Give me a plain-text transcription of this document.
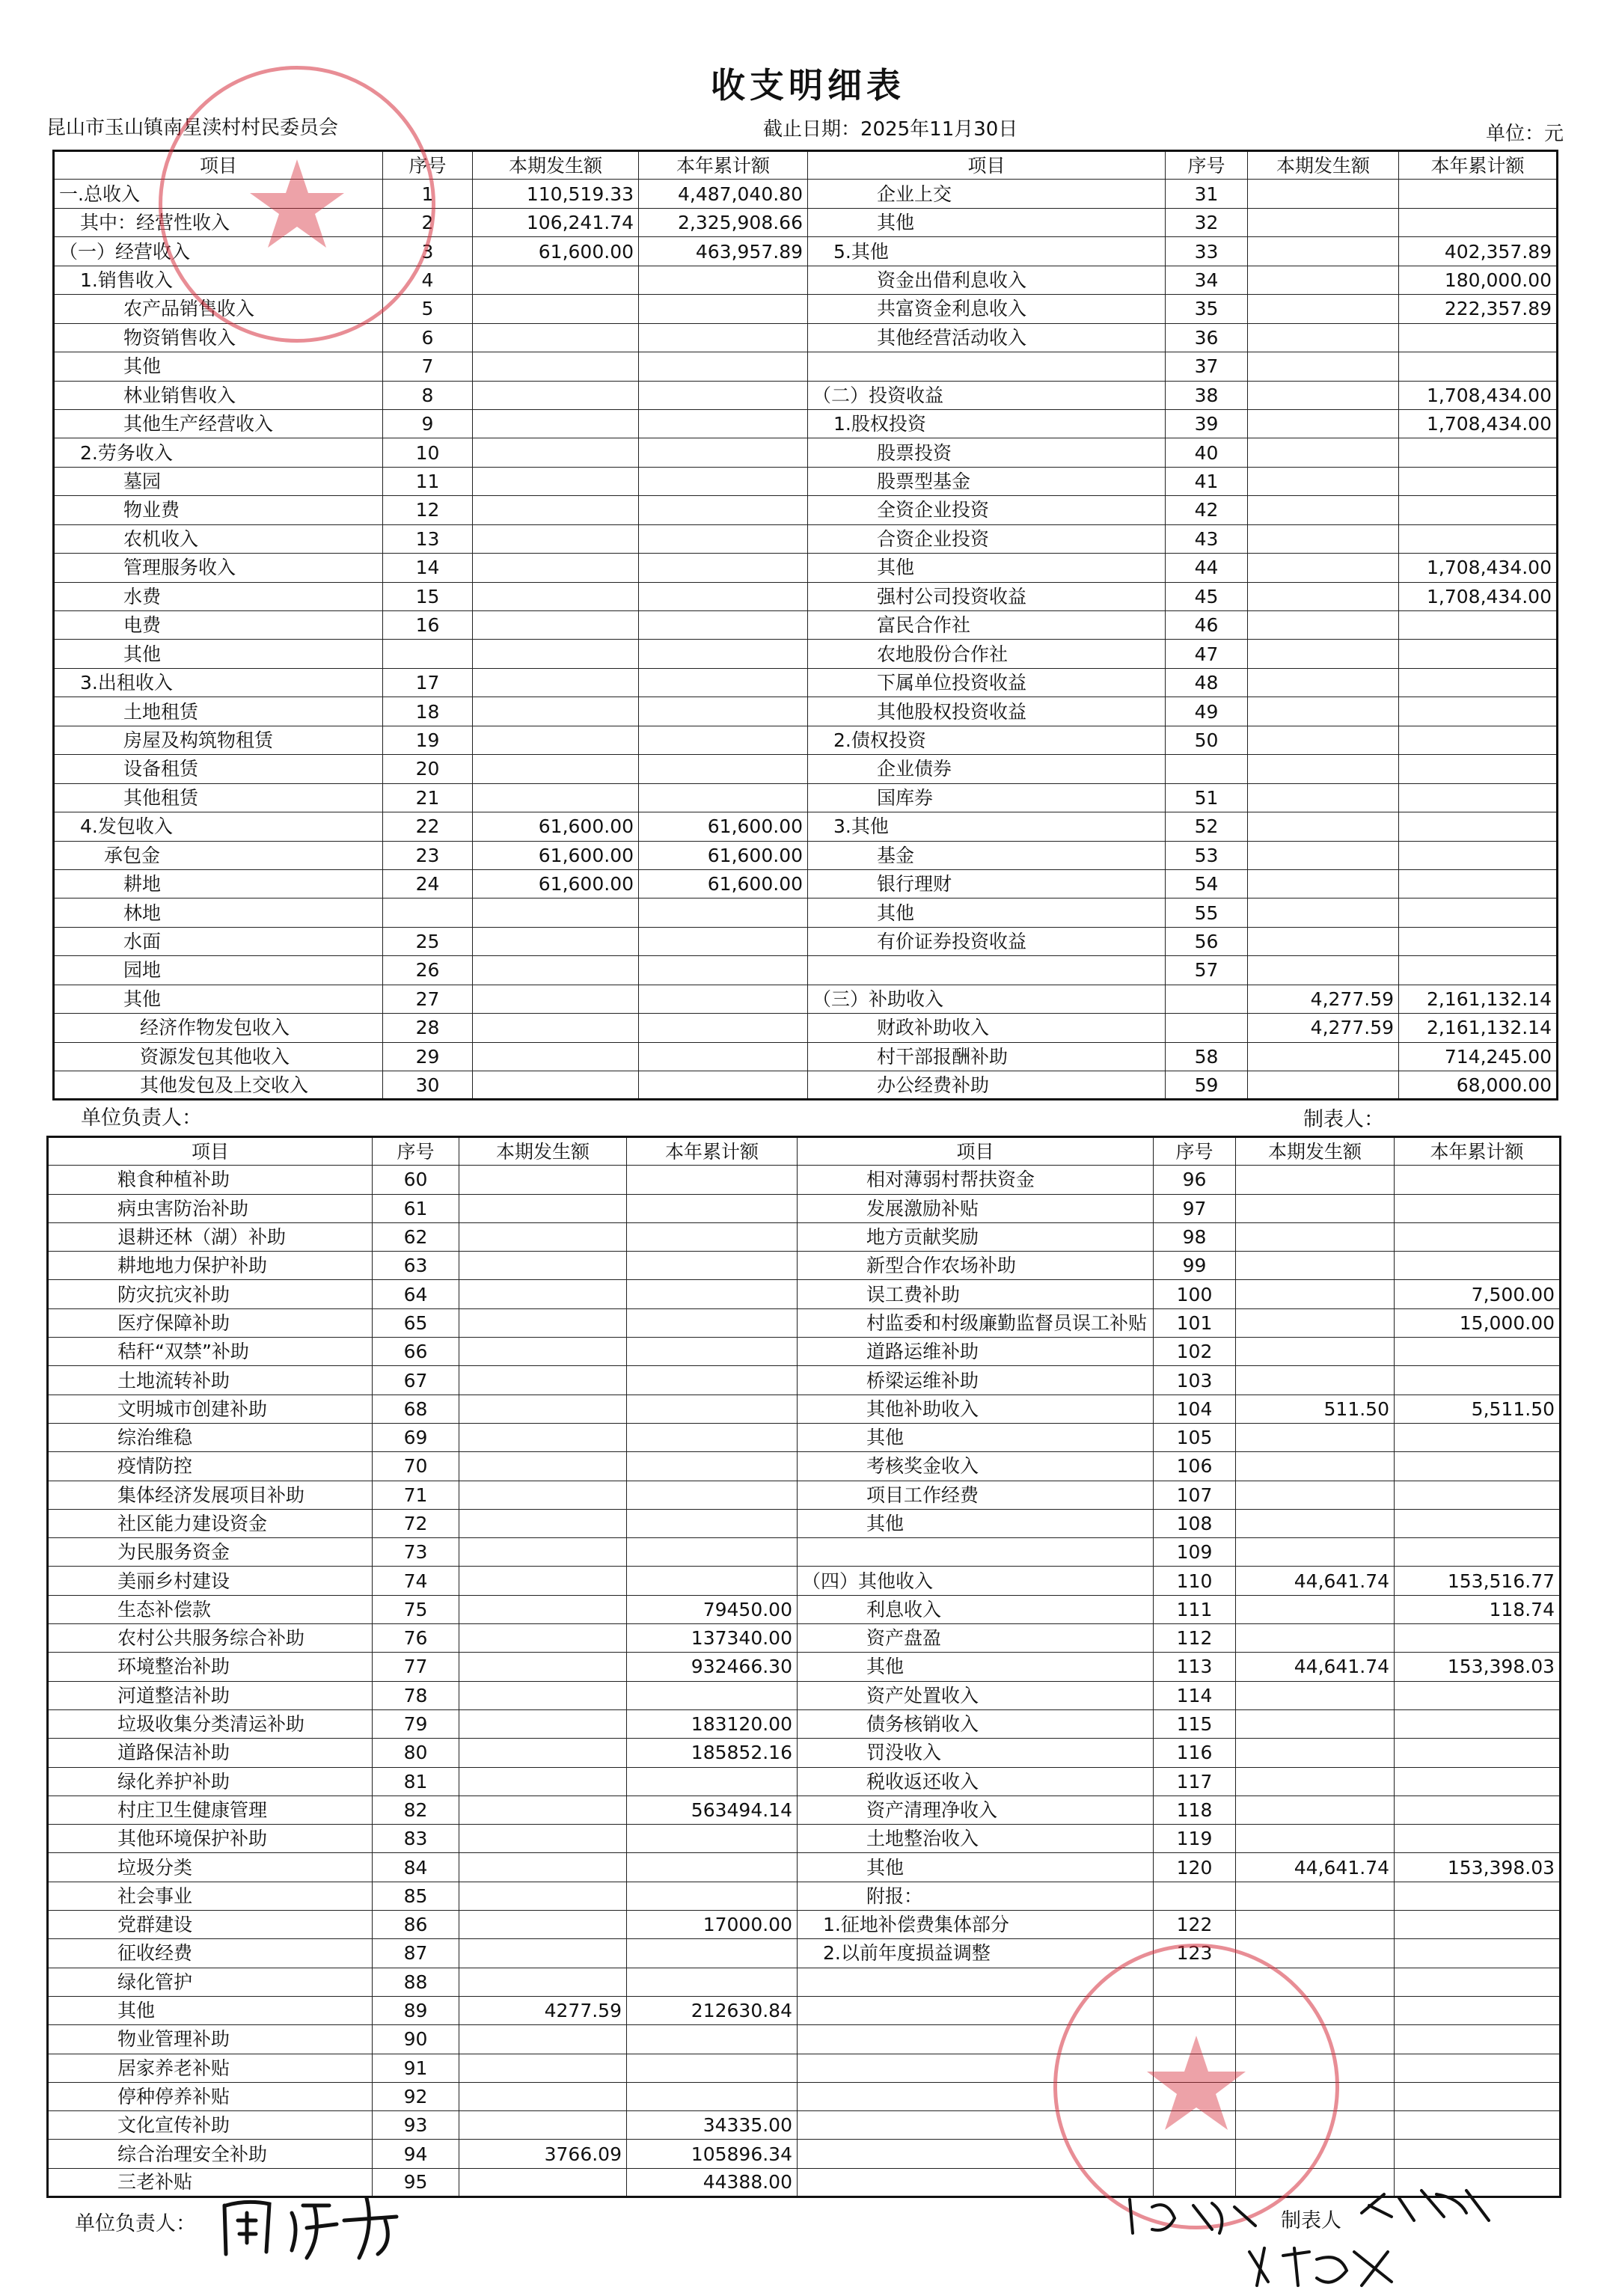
收支明细表
昆山市玉山镇南星渎村村民委员会	截止日期：2025年11月30日	单位：元
项目	序号	本期发生额	本年累计额	项目	序号	本期发生额	本年累计额
一.总收入	1	110,519.33	4,487,040.80	企业上交	31		
其中：经营性收入	2	106,241.74	2,325,908.66	其他	32		
（一）经营收入	3	61,600.00	463,957.89	5.其他	33		402,357.89
1.销售收入	4			资金出借利息收入	34		180,000.00
农产品销售收入	5			共富资金利息收入	35		222,357.89
物资销售收入	6			其他经营活动收入	36		
其他	7				37		
林业销售收入	8			（二）投资收益	38		1,708,434.00
其他生产经营收入	9			1.股权投资	39		1,708,434.00
2.劳务收入	10			股票投资	40		
墓园	11			股票型基金	41		
物业费	12			全资企业投资	42		
农机收入	13			合资企业投资	43		
管理服务收入	14			其他	44		1,708,434.00
水费	15			强村公司投资收益	45		1,708,434.00
电费	16			富民合作社	46		
其他				农地股份合作社	47		
3.出租收入	17			下属单位投资收益	48		
土地租赁	18			其他股权投资收益	49		
房屋及构筑物租赁	19			2.债权投资	50		
设备租赁	20			企业债券			
其他租赁	21			国库券	51		
4.发包收入	22	61,600.00	61,600.00	3.其他	52		
承包金	23	61,600.00	61,600.00	基金	53		
耕地	24	61,600.00	61,600.00	银行理财	54		
林地				其他	55		
水面	25			有价证券投资收益	56		
园地	26				57		
其他	27			（三）补助收入		4,277.59	2,161,132.14
经济作物发包收入	28			财政补助收入		4,277.59	2,161,132.14
资源发包其他收入	29			村干部报酬补助	58		714,245.00
其他发包及上交收入	30			办公经费补助	59		68,000.00
单位负责人：	制表人：
项目	序号	本期发生额	本年累计额	项目	序号	本期发生额	本年累计额
粮食种植补助	60			相对薄弱村帮扶资金	96		
病虫害防治补助	61			发展激励补贴	97		
退耕还林（湖）补助	62			地方贡献奖励	98		
耕地地力保护补助	63			新型合作农场补助	99		
防灾抗灾补助	64			误工费补助	100		7,500.00
医疗保障补助	65			村监委和村级廉勤监督员误工补贴	101		15,000.00
秸秆“双禁”补助	66			道路运维补助	102		
土地流转补助	67			桥梁运维补助	103		
文明城市创建补助	68			其他补助收入	104	511.50	5,511.50
综治维稳	69			其他	105		
疫情防控	70			考核奖金收入	106		
集体经济发展项目补助	71			项目工作经费	107		
社区能力建设资金	72			其他	108		
为民服务资金	73				109		
美丽乡村建设	74			（四）其他收入	110	44,641.74	153,516.77
生态补偿款	75		79450.00	利息收入	111		118.74
农村公共服务综合补助	76		137340.00	资产盘盈	112		
环境整治补助	77		932466.30	其他	113	44,641.74	153,398.03
河道整洁补助	78			资产处置收入	114		
垃圾收集分类清运补助	79		183120.00	债务核销收入	115		
道路保洁补助	80		185852.16	罚没收入	116		
绿化养护补助	81			税收返还收入	117		
村庄卫生健康管理	82		563494.14	资产清理净收入	118		
其他环境保护补助	83			土地整治收入	119		
垃圾分类	84			其他	120	44,641.74	153,398.03
社会事业	85			附报：			
党群建设	86		17000.00	1.征地补偿费集体部分	122		
征收经费	87			2.以前年度损益调整	123		
绿化管护	88						
其他	89	4277.59	212630.84				
物业管理补助	90						
居家养老补贴	91						
停种停养补贴	92						
文化宣传补助	93		34335.00				
综合治理安全补助	94	3766.09	105896.34				
三老补贴	95		44388.00				
单位负责人：	制表人
